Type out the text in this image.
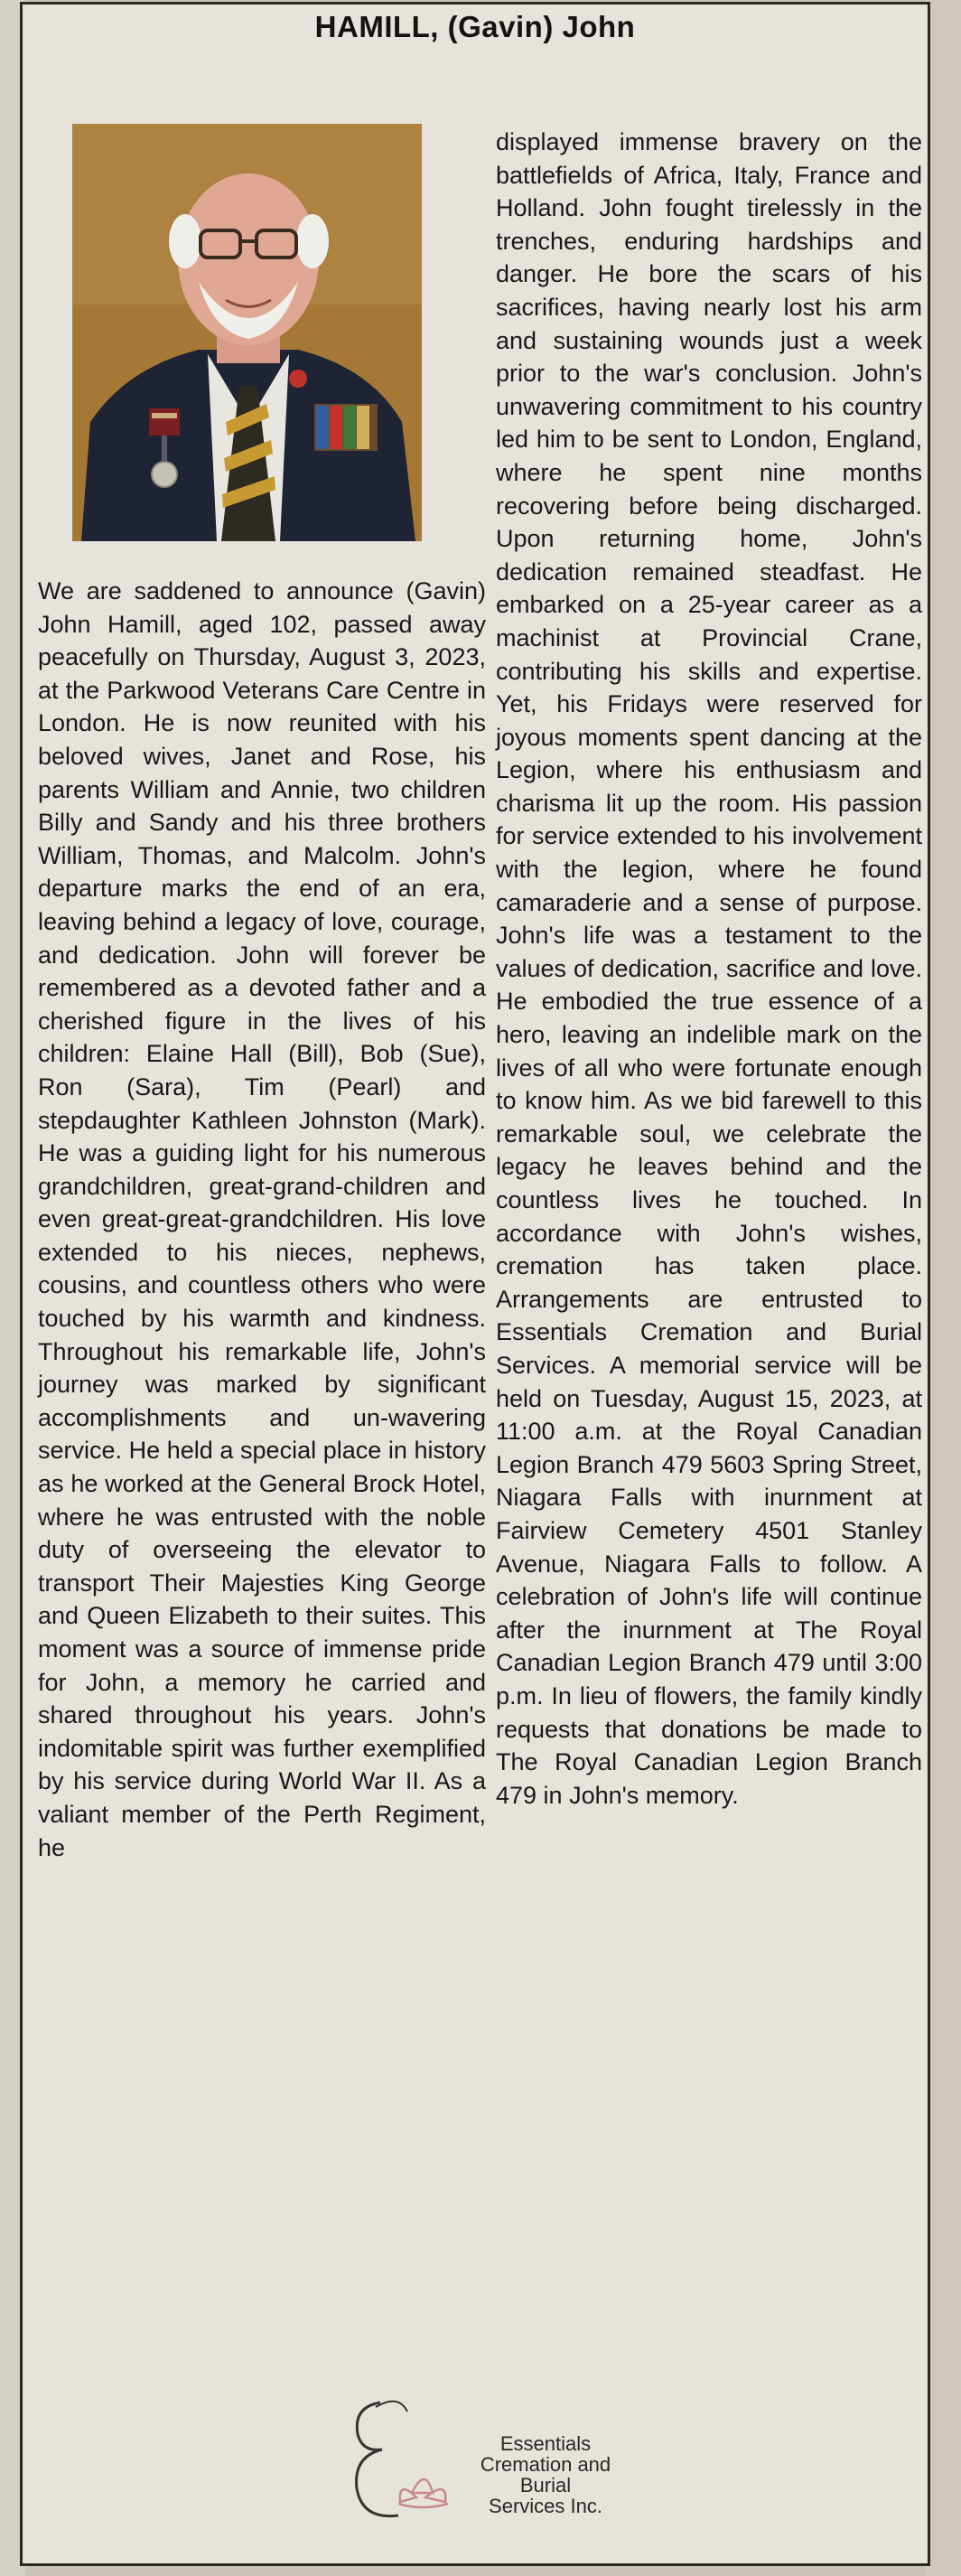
HAMILL, (Gavin) John
We are saddened to announce (Gavin) John Hamill, aged 102, passed away peacefully on Thursday, August 3, 2023, at the Parkwood Veterans Care Centre in London. He is now reunited with his beloved wives, Janet and Rose, his parents William and Annie, two children Billy and Sandy and his three brothers William, Thomas, and Malcolm. John's departure marks the end of an era, leaving behind a legacy of love, courage, and dedication. John will forever be remembered as a devoted father and a cherished figure in the lives of his children: Elaine Hall (Bill), Bob (Sue), Ron (Sara), Tim (Pearl) and stepdaughter Kathleen Johnston (Mark). He was a guiding light for his numerous grandchildren, great-grand-children and even great-great-grandchildren. His love extended to his nieces, nephews, cousins, and countless others who were touched by his warmth and kindness. Throughout his remarkable life, John's journey was marked by significant accomplishments and un-wavering service. He held a special place in history as he worked at the General Brock Hotel, where he was entrusted with the noble duty of overseeing the elevator to transport Their Majesties King George and Queen Elizabeth to their suites. This moment was a source of immense pride for John, a memory he carried and shared throughout his years. John's indomitable spirit was further exemplified by his service during World War II. As a valiant member of the Perth Regiment, he
displayed immense bravery on the battlefields of Africa, Italy, France and Holland. John fought tirelessly in the trenches, enduring hardships and danger. He bore the scars of his sacrifices, having nearly lost his arm and sustaining wounds just a week prior to the war's conclusion. John's unwavering commitment to his country led him to be sent to London, England, where he spent nine months recovering before being discharged. Upon returning home, John's dedication remained steadfast. He embarked on a 25-year career as a machinist at Provincial Crane, contributing his skills and expertise. Yet, his Fridays were reserved for joyous moments spent dancing at the Legion, where his enthusiasm and charisma lit up the room. His passion for service extended to his involvement with the legion, where he found camaraderie and a sense of purpose. John's life was a testament to the values of dedication, sacrifice and love. He embodied the true essence of a hero, leaving an indelible mark on the lives of all who were fortunate enough to know him. As we bid farewell to this remarkable soul, we celebrate the legacy he leaves behind and the countless lives he touched. In accordance with John's wishes, cremation has taken place. Arrangements are entrusted to Essentials Cremation and Burial Services. A memorial service will be held on Tuesday, August 15, 2023, at 11:00 a.m. at the Royal Canadian Legion Branch 479 5603 Spring Street, Niagara Falls with inurnment at Fairview Cemetery 4501 Stanley Avenue, Niagara Falls to follow. A celebration of John's life will continue after the inurnment at The Royal Canadian Legion Branch 479 until 3:00 p.m. In lieu of flowers, the family kindly requests that donations be made to The Royal Canadian Legion Branch 479 in John's memory.
Essentials
Cremation and Burial
Services Inc.
